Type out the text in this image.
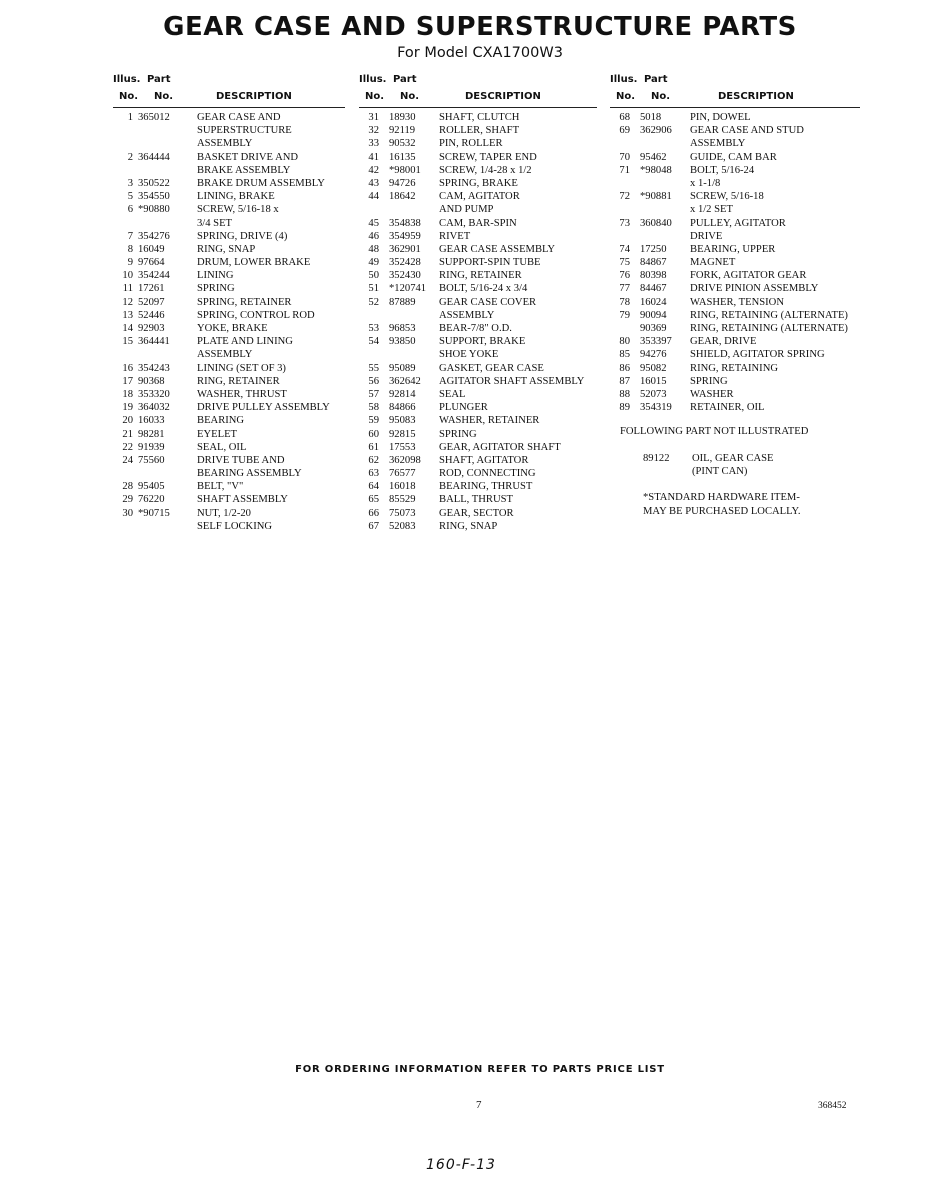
GEAR CASE AND SUPERSTRUCTURE PARTS
For Model CXA1700W3
Illus. Part
No. No.	DESCRIPTION
1 365012	GEAR CASE AND
SUPERSTRUCTURE
ASSEMBLY
2 364444	BASKET DRIVE AND
BRAKE ASSEMBLY
3 350522	BRAKE DRUM ASSEMBLY
5 354550	LINING, BRAKE
6 *90880	SCREW, 5/16-18 x
3/4 SET
7 354276	SPRING, DRIVE (4)
8 16049	RING, SNAP
9 97664	DRUM, LOWER BRAKE
10 354244	LINING
11 17261	SPRING
12 52097	SPRING, RETAINER
13 52446	SPRING, CONTROL ROD
14 92903	YOKE, BRAKE
15 364441	PLATE AND LINING
ASSEMBLY
16 354243	LINING (SET OF 3)
17 90368	RING, RETAINER
18 353320	WASHER, THRUST
19 364032	DRIVE PULLEY ASSEMBLY
20 16033	BEARING
21 98281	EYELET
22 91939	SEAL, OIL
24 75560	DRIVE TUBE AND
BEARING ASSEMBLY
28 95405	BELT, "V"
29 76220	SHAFT ASSEMBLY
30 *90715	NUT, 1/2-20
SELF LOCKING
Illus. Part
No. No.	DESCRIPTION
31 18930	SHAFT, CLUTCH
32 92119	ROLLER, SHAFT
33 90532	PIN, ROLLER
41 16135	SCREW, TAPER END
42 *98001	SCREW, 1/4-28 x 1/2
43 94726	SPRING, BRAKE
44 18642	CAM, AGITATOR
AND PUMP
45 354838	CAM, BAR-SPIN
46 354959	RIVET
48 362901	GEAR CASE ASSEMBLY
49 352428	SUPPORT-SPIN TUBE
50 352430	RING, RETAINER
51 *120741	BOLT, 5/16-24 x 3/4
52 87889	GEAR CASE COVER
ASSEMBLY
53 96853	BEAR-7/8" O.D.
54 93850	SUPPORT, BRAKE
SHOE YOKE
55 95089	GASKET, GEAR CASE
56 362642	AGITATOR SHAFT ASSEMBLY
57 92814	SEAL
58 84866	PLUNGER
59 95083	WASHER, RETAINER
60 92815	SPRING
61 17553	GEAR, AGITATOR SHAFT
62 362098	SHAFT, AGITATOR
63 76577	ROD, CONNECTING
64 16018	BEARING, THRUST
65 85529	BALL, THRUST
66 75073	GEAR, SECTOR
67 52083	RING, SNAP
Illus. Part
No. No.	DESCRIPTION
68 5018	PIN, DOWEL
69 362906	GEAR CASE AND STUD
ASSEMBLY
70 95462	GUIDE, CAM BAR
71 *98048	BOLT, 5/16-24
x 1-1/8
72 *90881	SCREW, 5/16-18
x 1/2 SET
73 360840	PULLEY, AGITATOR
DRIVE
74 17250	BEARING, UPPER
75 84867	MAGNET
76 80398	FORK, AGITATOR GEAR
77 84467	DRIVE PINION ASSEMBLY
78 16024	WASHER, TENSION
79 90094	RING, RETAINING (ALTERNATE)
90369	RING, RETAINING (ALTERNATE)
80 353397	GEAR, DRIVE
85 94276	SHIELD, AGITATOR SPRING
86 95082	RING, RETAINING
87 16015	SPRING
88 52073	WASHER
89 354319	RETAINER, OIL
FOLLOWING PART NOT ILLUSTRATED
89122 OIL, GEAR CASE
(PINT CAN)
*STANDARD HARDWARE ITEM-
MAY BE PURCHASED LOCALLY.
FOR ORDERING INFORMATION REFER TO PARTS PRICE LIST
7	368452
160-F-13
